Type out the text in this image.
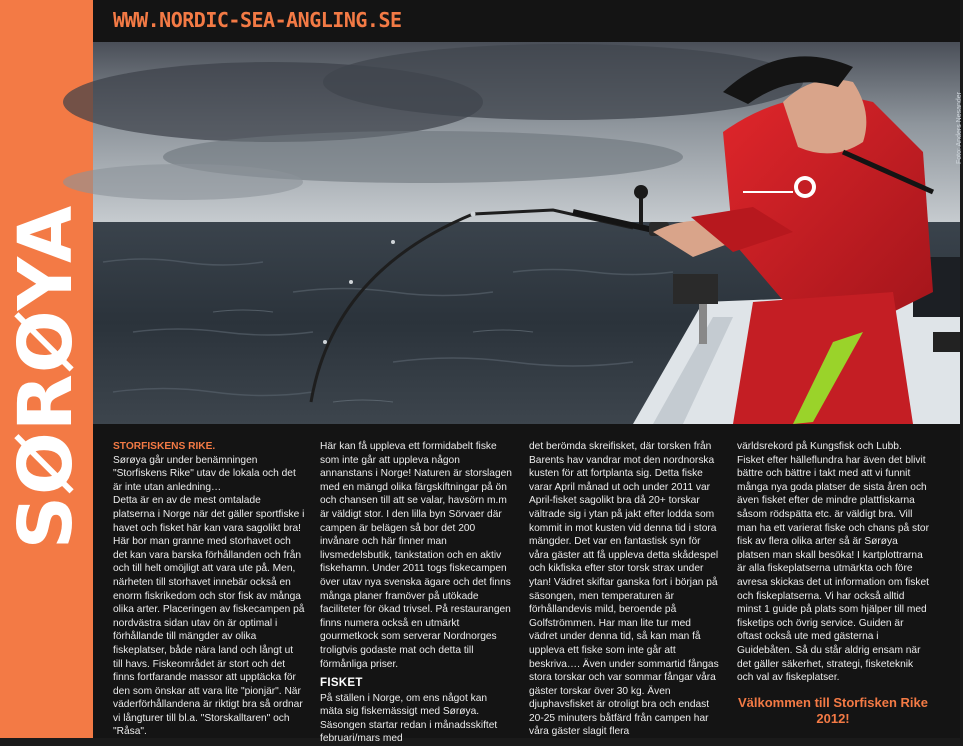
SØRØYA
WWW.NORDIC-SEA-ANGLING.SE
Foto: Anders Nesander

STORFISKENS RIKE.
Sørøya går under benämningen "Storfiskens Rike" utav de lokala och det är inte utan anledning…

Detta är en av de mest omtalade platserna i Norge när det gäller sportfiske i havet och fisket här kan vara sagolikt bra! Här bor man granne med storhavet och det kan vara barska förhållanden och från och till helt omöjligt att vara ute på. Men, närheten till storhavet innebär också en enorm fiskrikedom och stor fisk av många olika arter. Placeringen av fiskecampen på nordvästra sidan utav ön är optimal i förhållande till mängder av olika fiskeplatser, både nära land och långt ut till havs. Fiskeområdet är stort och det finns fortfarande massor att upptäcka för den som önskar att vara lite "pionjär". När väderförhållandena är riktigt bra så ordnar vi långturer till bl.a. "Storskalltaren" och "Råsa".

Här kan få uppleva ett formidabelt fiske som inte går att uppleva någon annanstans i Norge! Naturen är storslagen med en mängd olika färgskiftningar på ön och chansen till att se valar, havsörn m.m är väldigt stor. I den lilla byn Sörvaer där campen är belägen så bor det 200 invånare och här finner man livsmedelsbutik, tankstation och en aktiv fiskehamn. Under 2011 togs fiskecampen över utav nya svenska ägare och det finns många planer framöver på utökade faciliteter för ökad trivsel. På restaurangen finns numera också en utmärkt gourmetkock som serverar Nordnorges troligtvis godaste mat och detta till förmånliga priser.

FISKET

På ställen i Norge, om ens något kan mäta sig fiskemässigt med Sørøya. Säsongen startar redan i månadsskiftet februari/mars med

det berömda skreifisket, där torsken från Barents hav vandrar mot den nordnorska kusten för att fortplanta sig. Detta fiske varar April månad ut och under 2011 var April-fisket sagolikt bra då 20+ torskar vältrade sig i ytan på jakt efter lodda som kommit in mot kusten vid denna tid i stora mängder. Det var en fantastisk syn för våra gäster att få uppleva detta skådespel och kikfiska efter stor torsk strax under ytan! Vädret skiftar ganska fort i början på säsongen, men temperaturen är förhållandevis mild, beroende på Golfströmmen. Har man lite tur med vädret under denna tid, så kan man få uppleva ett fiske som inte går att beskriva…. Även under sommartid fångas stora torskar och var sommar fångar våra gäster torskar över 30 kg. Även djuphavsfisket är otroligt bra och endast 20-25 minuters båtfärd från campen har våra gäster slagit flera

världsrekord på Kungsfisk och Lubb. Fisket efter hälleflundra har även det blivit bättre och bättre i takt med att vi funnit många nya goda platser de sista åren och även fisket efter de mindre plattfiskarna såsom rödspätta etc. är väldigt bra. Vill man ha ett varierat fiske och chans på stor fisk av flera olika arter så är Sørøya platsen man skall besöka! I kartplottrarna är alla fiskeplatserna utmärkta och före avresa skickas det ut information om fisket och fiskeplatserna. Vi har också alltid minst 1 guide på plats som hjälper till med fisketips och övrig service. Guiden är oftast också ute med gästerna i Guidebåten. Så du står aldrig ensam när det gäller säkerhet, strategi, fisketeknik och val av fiskeplatser.

Välkommen till Storfisken Rike 2012!
